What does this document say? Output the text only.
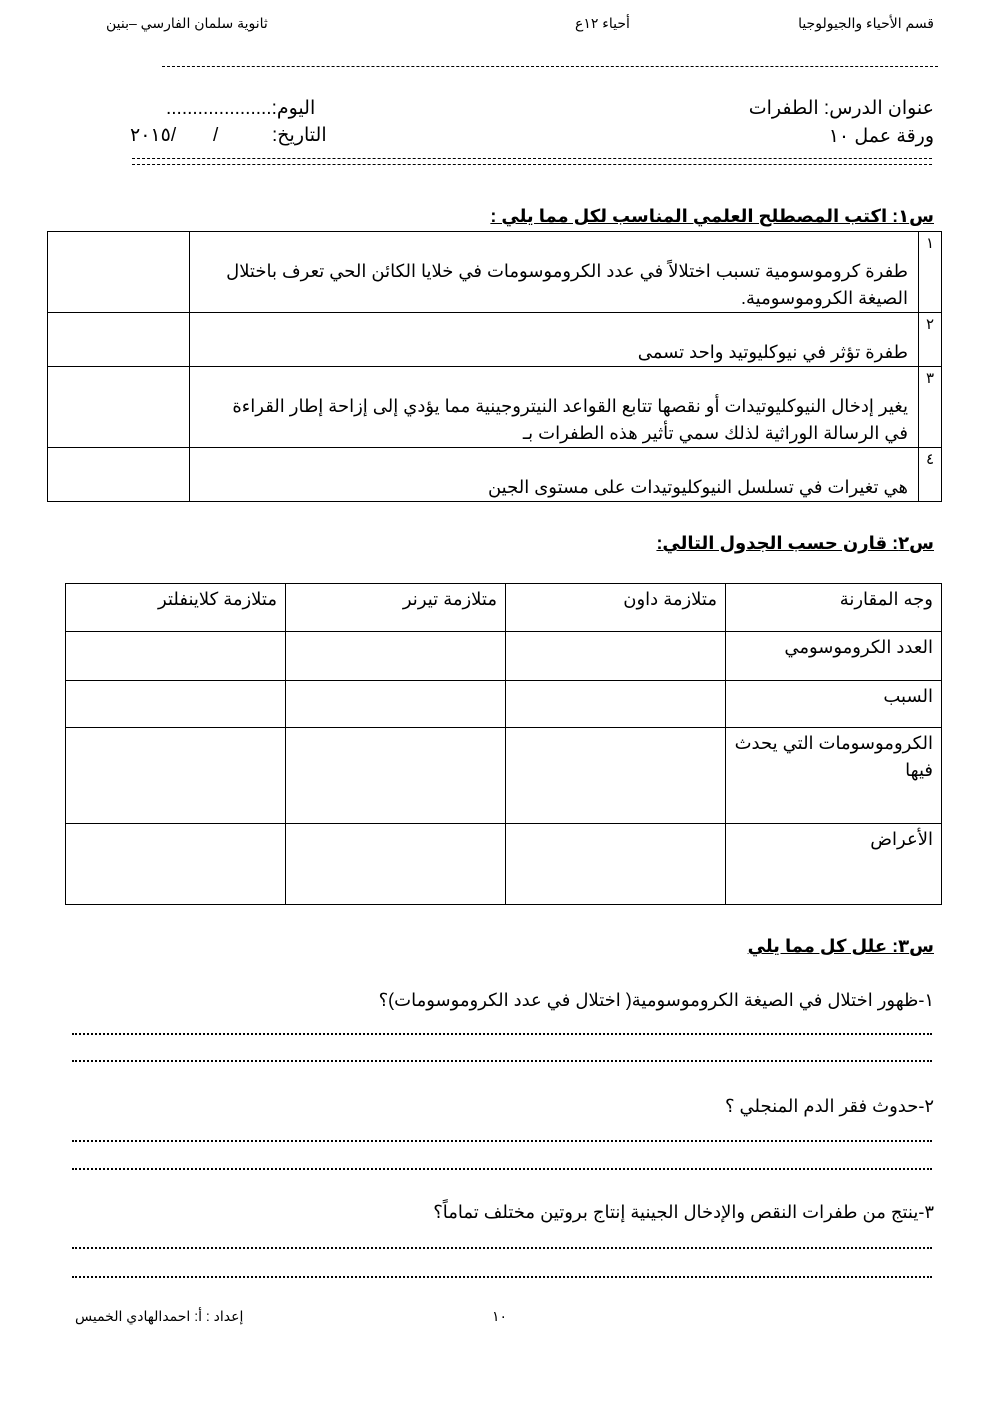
قسم الأحياء والجيولوجيا
أحياء ١٢ع
ثانوية سلمان الفارسي –بنين
عنوان الدرس: الطفرات
ورقة عمل ١٠
اليوم:....................
التاريخ:
/       /٢٠١٥
س١: اكتب المصطلح العلمي المناسب لكل مما يلي :
	طفرة كروموسومية تسبب اختلالاً في عدد الكروموسومات في خلايا الكائن الحي تعرف باختلال الصيغة الكروموسومية.	١
	طفرة تؤثر في نيوكليوتيد واحد تسمى	٢
	يغير إدخال النيوكليوتيدات أو نقصها تتابع القواعد النيتروجينية مما يؤدي إلى إزاحة إطار القراءة في الرسالة الوراثية لذلك سمي تأثير هذه الطفرات بـ	٣
	هي تغيرات في تسلسل النيوكليوتيدات على مستوى الجين	٤
س٢: قارن حسب الجدول التالي:
متلازمة كلاينفلتر	متلازمة تيرنر	متلازمة داون	وجه المقارنة
			العدد الكروموسومي
			السبب
			الكروموسومات التي يحدث فيها
			الأعراض
س٣: علل كل مما يلي
١-ظهور اختلال في الصيغة الكروموسومية( اختلال في عدد الكروموسومات)؟
٢-حدوث فقر الدم المنجلي ؟
٣-ينتج من طفرات النقص والإدخال الجينية إنتاج بروتين مختلف تماماً؟
١٠
إعداد : أ: احمدالهادي الخميس
